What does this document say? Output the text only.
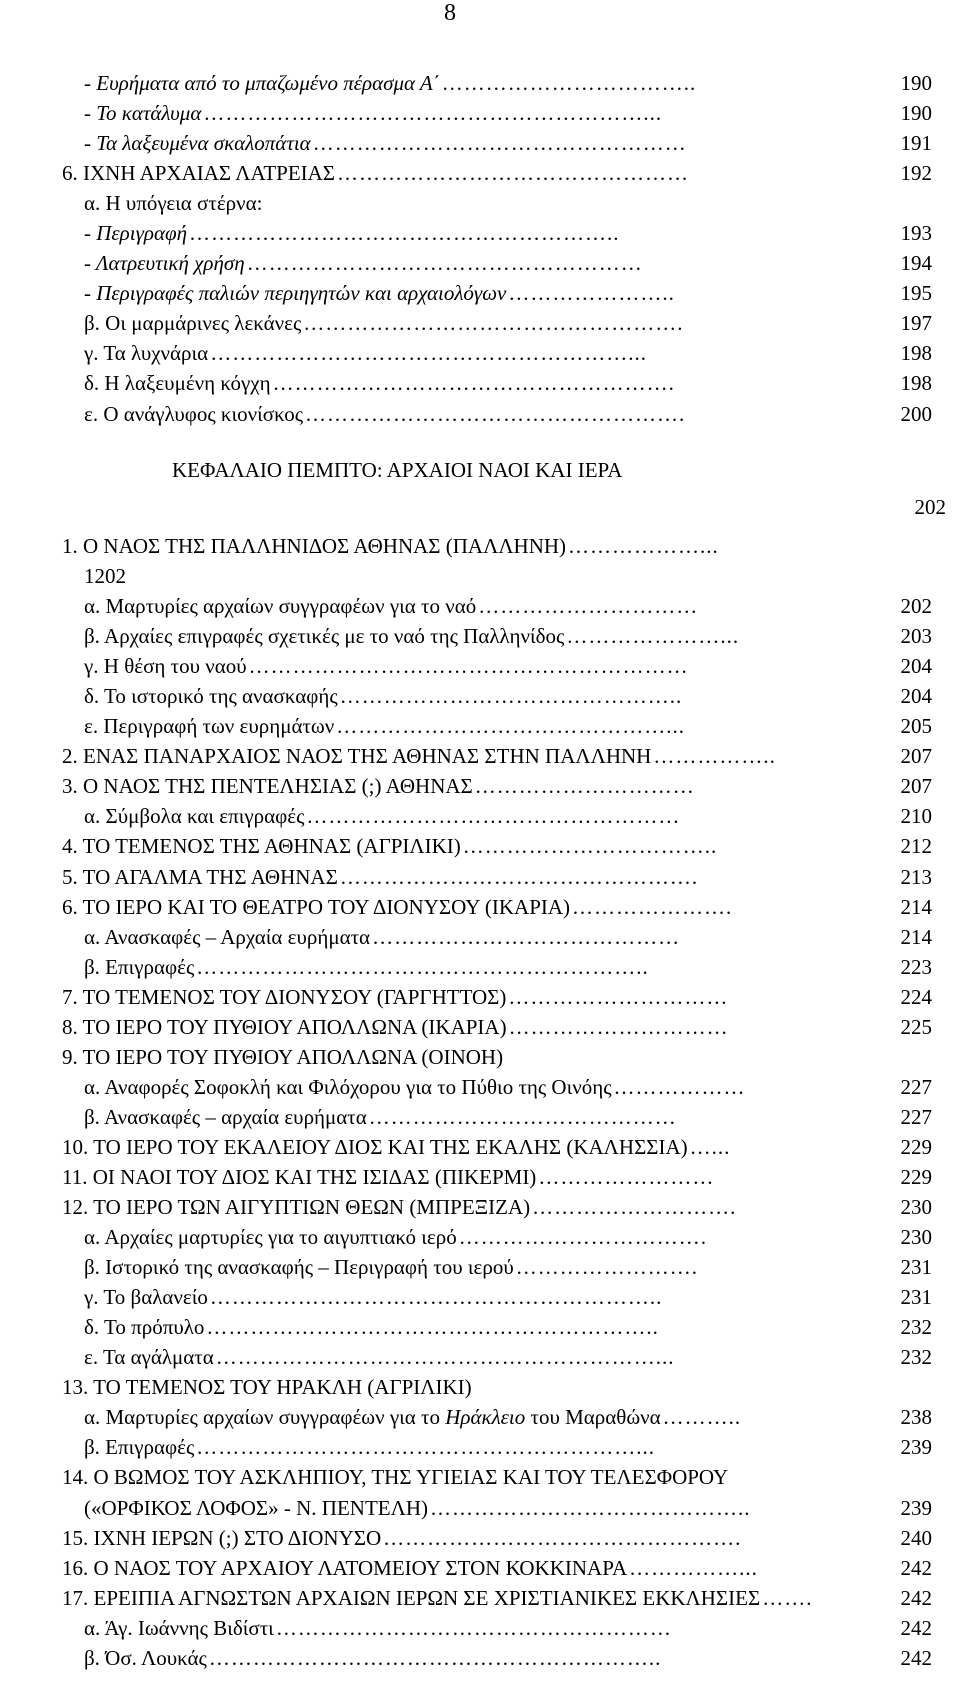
8
- Ευρήματα από το μπαζωμένο πέρασμα Α΄ ……………………………..	190
- Το κατάλυμα ……………………………………………………...	190
- Τα λαξευμένα σκαλοπάτια ……………………………………………	191
6. ΙΧΝΗ ΑΡΧΑΙΑΣ ΛΑΤΡΕΙΑΣ …………………………………………	192
α. Η υπόγεια στέρνα:
- Περιγραφή …………………………………………………..	193
- Λατρευτική χρήση ………………………………………………	194
- Περιγραφές παλιών περιηγητών και αρχαιολόγων …………………..	195
β. Οι μαρμάρινες λεκάνες …………………………………………….	197
γ. Τα λυχνάρια …………………………………………………...	198
δ. Η λαξευμένη κόγχη ……………………………………………….	198
ε. Ο ανάγλυφος κιονίσκος …………………………………………….	200
ΚΕΦΑΛΑΙΟ ΠΕΜΠΤΟ: ΑΡΧΑΙΟΙ ΝΑΟΙ ΚΑΙ ΙΕΡΑ
202
1. Ο ΝΑΟΣ ΤΗΣ ΠΑΛΛΗΝΙΔΟΣ ΑΘΗΝΑΣ (ΠΑΛΛΗΝΗ) ………………...
1202
α. Μαρτυρίες αρχαίων συγγραφέων για το ναό …………………………	202
β. Αρχαίες επιγραφές σχετικές με το ναό της Παλληνίδος …………………...	203
γ. Η θέση του ναού ……………………………………………………	204
δ. Το ιστορικό της ανασκαφής ………………………………………..	204
ε. Περιγραφή των ευρημάτων ………………………………………...	205
2. ΕΝΑΣ ΠΑΝΑΡΧΑΙΟΣ ΝΑΟΣ ΤΗΣ ΑΘΗΝΑΣ ΣΤΗΝ ΠΑΛΛΗΝΗ ……………..	207
3. Ο ΝΑΟΣ ΤΗΣ ΠΕΝΤΕΛΗΣΙΑΣ (;) ΑΘΗΝΑΣ …………………………	207
α. Σύμβολα και επιγραφές ……………………………………………	210
4. ΤΟ ΤΕΜΕΝΟΣ ΤΗΣ ΑΘΗΝΑΣ (ΑΓΡΙΛΙΚΙ) ……………………………..	212
5. ΤΟ ΑΓΑΛΜΑ ΤΗΣ ΑΘΗΝΑΣ ………………………………………….	213
6. ΤΟ ΙΕΡΟ ΚΑΙ ΤΟ ΘΕΑΤΡΟ ΤΟΥ ΔΙΟΝΥΣΟΥ (ΙΚΑΡΙΑ) ………………….	214
α. Ανασκαφές – Αρχαία ευρήματα ……………………………………	214
β. Επιγραφές ……………………………………………………..	223
7. ΤΟ ΤΕΜΕΝΟΣ ΤΟΥ ΔΙΟΝΥΣΟΥ (ΓΑΡΓΗΤΤΟΣ) …………………………	224
8. ΤΟ ΙΕΡΟ ΤΟΥ ΠΥΘΙΟΥ ΑΠΟΛΛΩΝΑ (ΙΚΑΡΙΑ) …………………………	225
9. ΤΟ ΙΕΡΟ ΤΟΥ ΠΥΘΙΟΥ ΑΠΟΛΛΩΝΑ (ΟΙΝΟΗ)
α. Αναφορές Σοφοκλή και Φιλόχορου για το Πύθιο της Οινόης ………………	227
β. Ανασκαφές – αρχαία ευρήματα ……………………………………	227
10. ΤΟ ΙΕΡΟ ΤΟΥ ΕΚΑΛΕΙΟΥ ΔΙΟΣ ΚΑΙ ΤΗΣ ΕΚΑΛΗΣ (ΚΑΛΗΣΣΙΑ) …...	229
11. ΟΙ ΝΑΟΙ ΤΟΥ ΔΙΟΣ ΚΑΙ ΤΗΣ ΙΣΙΔΑΣ (ΠΙΚΕΡΜΙ) ……………………	229
12. ΤΟ ΙΕΡΟ ΤΩΝ ΑΙΓΥΠΤΙΩΝ ΘΕΩΝ (ΜΠΡΕΞΙΖΑ) ……………………….	230
α. Αρχαίες μαρτυρίες για το αιγυπτιακό ιερό …………………………….	230
β. Ιστορικό της ανασκαφής – Περιγραφή του ιερού …………………….	231
γ. Το βαλανείο ……………………………………………………..	231
δ. Το πρόπυλο ……………………………………………………..	232
ε. Τα αγάλματα ……………………………………………………...	232
13. ΤΟ ΤΕΜΕΝΟΣ ΤΟΥ ΗΡΑΚΛΗ (ΑΓΡΙΛΙΚΙ)
α. Μαρτυρίες αρχαίων συγγραφέων για το Ηράκλειο του Μαραθώνα ………..	238
β. Επιγραφές ……………………………………………………...	239
14. Ο ΒΩΜΟΣ ΤΟΥ ΑΣΚΛΗΠΙΟΥ, ΤΗΣ ΥΓΙΕΙΑΣ ΚΑΙ ΤΟΥ ΤΕΛΕΣΦΟΡΟΥ
(«ΟΡΦΙΚΟΣ ΛΟΦΟΣ» - Ν. ΠΕΝΤΕΛΗ) ……………………………………..	239
15. ΙΧΝΗ ΙΕΡΩΝ (;) ΣΤΟ ΔΙΟΝΥΣΟ ………………………………………….	240
16. Ο ΝΑΟΣ ΤΟΥ ΑΡΧΑΙΟΥ ΛΑΤΟΜΕΙΟΥ ΣΤΟΝ ΚΟΚΚΙΝΑΡΑ ……………...	242
17. ΕΡΕΙΠΙΑ ΑΓΝΩΣΤΩΝ ΑΡΧΑΙΩΝ ΙΕΡΩΝ ΣΕ ΧΡΙΣΤΙΑΝΙΚΕΣ ΕΚΚΛΗΣΙΕΣ …….	242
α. Άγ. Ιωάννης Βιδίστι ………………………………………………	242
β. Όσ. Λουκάς ……………………………………………………..	242
